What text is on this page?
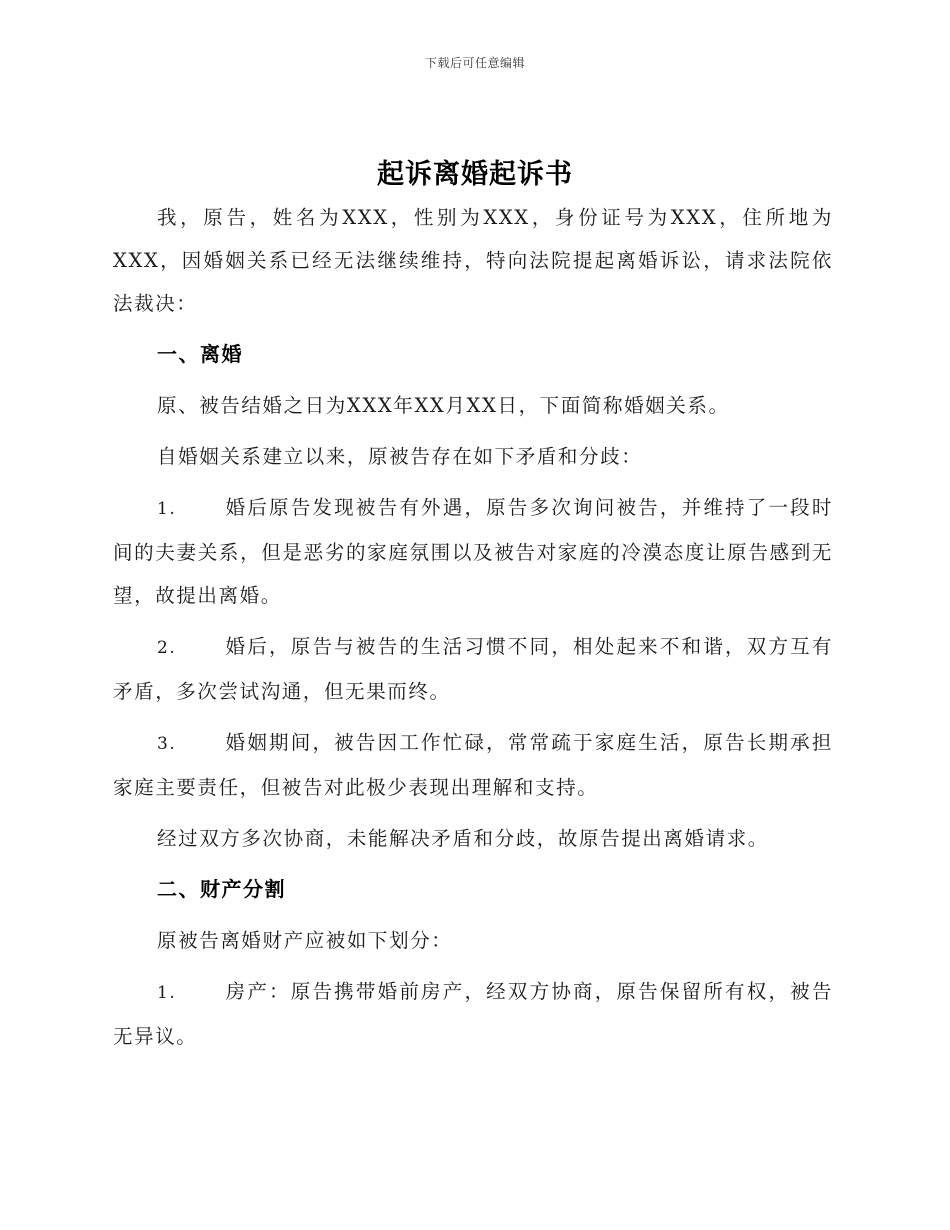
下载后可任意编辑
起诉离婚起诉书

我，原告，姓名为XXX，性别为XXX，身份证号为XXX，住所地为XXX，因婚姻关系已经无法继续维持，特向法院提起离婚诉讼，请求法院依法裁决：

一、离婚

原、被告结婚之日为XXX年XX月XX日，下面简称婚姻关系。

自婚姻关系建立以来，原被告存在如下矛盾和分歧：

1. 婚后原告发现被告有外遇，原告多次询问被告，并维持了一段时间的夫妻关系，但是恶劣的家庭氛围以及被告对家庭的冷漠态度让原告感到无望，故提出离婚。

2. 婚后，原告与被告的生活习惯不同，相处起来不和谐，双方互有矛盾，多次尝试沟通，但无果而终。

3. 婚姻期间，被告因工作忙碌，常常疏于家庭生活，原告长期承担家庭主要责任，但被告对此极少表现出理解和支持。

经过双方多次协商，未能解决矛盾和分歧，故原告提出离婚请求。

二、财产分割

原被告离婚财产应被如下划分：

1. 房产：原告携带婚前房产，经双方协商，原告保留所有权，被告无异议。
